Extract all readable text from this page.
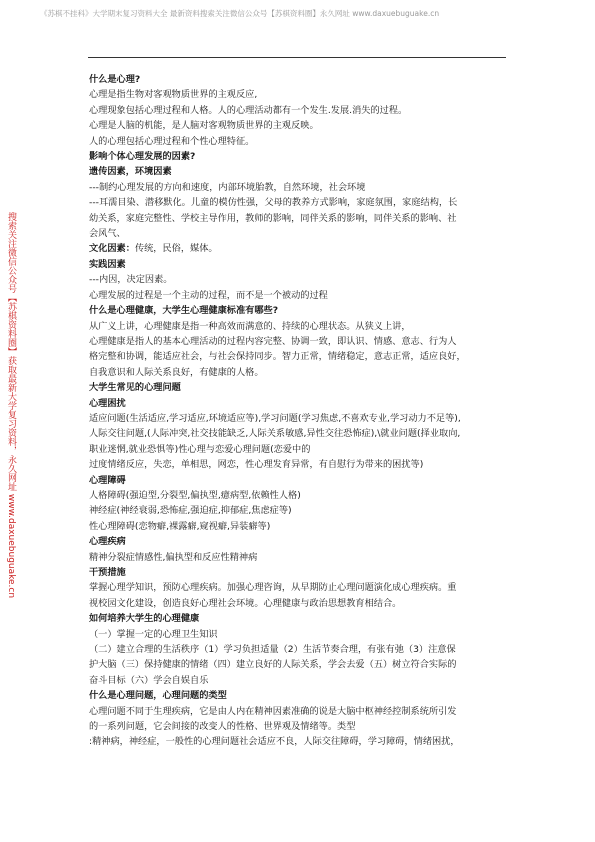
《苏棋不挂科》大学期末复习资料大全 最新资料搜索关注微信公众号【苏棋资料圈】永久网址 www.daxuebuguake.cn
搜索关注微信公众号【苏棋资料圈】获取最新大学复习资料，永久网址 www.daxuebuguake.cn

什么是心理?

心理是指生物对客观物质世界的主观反应,

心理现象包括心理过程和人格。人的心理活动都有一个发生.发展.消失的过程。

心理是人脑的机能，是人脑对客观物质世界的主观反映。

人的心理包括心理过程和个性心理特征。

影响个体心理发展的因素?

遗传因素，环境因素

---制约心理发展的方向和速度，内部环境胎教，自然环境，社会环境

---耳濡目染、潜移默化。儿童的模仿性强，父母的教养方式影响，家庭氛围，家庭结构，长

幼关系，家庭完整性、学校主导作用，教师的影响，同伴关系的影响，同伴关系的影响、社

会风气、

文化因素：传统，民俗，媒体。

实践因素

---内因，决定因素。

心理发展的过程是一个主动的过程，而不是一个被动的过程

什么是心理健康，大学生心理健康标准有哪些?

从广义上讲，心理健康是指一种高效而满意的、持续的心理状态。从狭义上讲，

心理健康是指人的基本心理活动的过程内容完整、协调一致，即认识、情感、意志、行为人

格完整和协调，能适应社会，与社会保持同步。智力正常，情绪稳定，意志正常，适应良好，

自我意识和人际关系良好，有健康的人格。

大学生常见的心理问题

心理困扰

适应问题(生活适应,学习适应,环境适应等),学习问题(学习焦虑,不喜欢专业,学习动力不足等),

人际交往问题,(人际冲突,社交技能缺乏,人际关系敏感,异性交往恐怖症),\就业问题(择业取向,

职业迷惘,就业恐惧等)性心理与恋爱心理问题(恋爱中的

过度情绪反应，失恋，单相思，网恋，性心理发育异常，有自慰行为带来的困扰等)

心理障碍

人格障碍(强迫型,分裂型,偏执型,癔病型,依赖性人格)

神经症(神经衰弱,恐怖症,强迫症,抑郁症,焦虑症等)

性心理障碍(恋物癖,裸露癖,窥视癖,异装癖等)

心理疾病

精神分裂症情感性,偏执型和反应性精神病

干预措施

掌握心理学知识，预防心理疾病。加强心理咨询，从早期防止心理问题演化成心理疾病。重

视校园文化建设，创造良好心理社会环境。心理健康与政治思想教育相结合。

如何培养大学生的心理健康

（一）掌握一定的心理卫生知识

（二）建立合理的生活秩序（1）学习负担适量（2）生活节奏合理，有张有弛（3）注意保

护大脑（三）保持健康的情绪（四）建立良好的人际关系，学会去爱（五）树立符合实际的

奋斗目标（六）学会自娱自乐

什么是心理问题，心理问题的类型

心理问题不同于生理疾病，它是由人内在精神因素准确的说是大脑中枢神经控制系统所引发

的一系列问题，它会间接的改变人的性格、世界观及情绪等。类型

:精神病，神经症，一般性的心理问题社会适应不良，人际交往障碍，学习障碍，情绪困扰，
